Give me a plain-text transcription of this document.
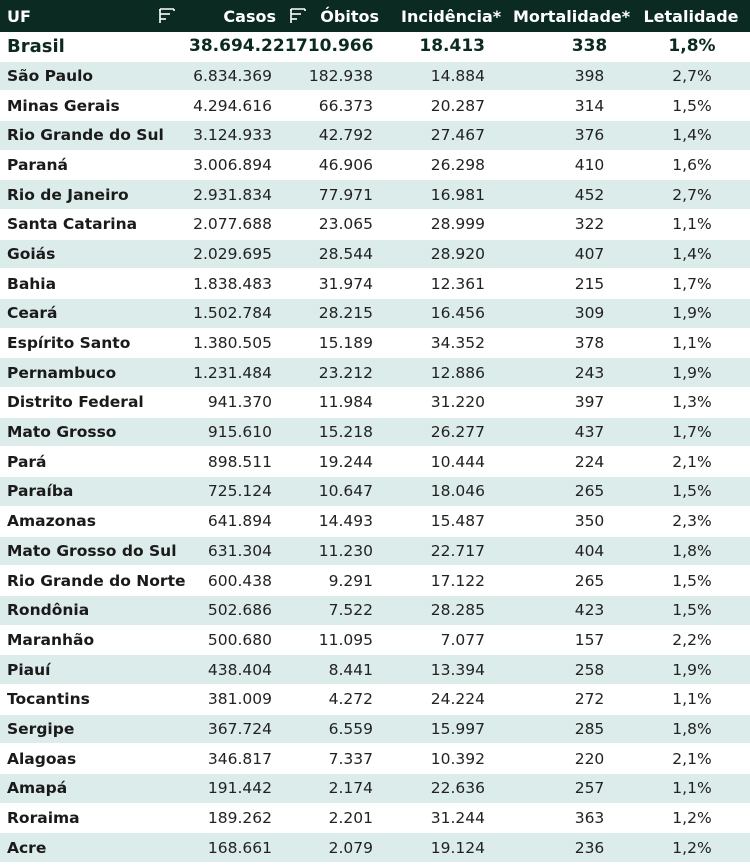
UF	Casos	Óbitos	Incidência*	Mortalidade*	Letalidade
Brasil	38.694.221	710.966	18.413	338	1,8%
São Paulo	6.834.369	182.938	14.884	398	2,7%
Minas Gerais	4.294.616	66.373	20.287	314	1,5%
Rio Grande do Sul	3.124.933	42.792	27.467	376	1,4%
Paraná	3.006.894	46.906	26.298	410	1,6%
Rio de Janeiro	2.931.834	77.971	16.981	452	2,7%
Santa Catarina	2.077.688	23.065	28.999	322	1,1%
Goiás	2.029.695	28.544	28.920	407	1,4%
Bahia	1.838.483	31.974	12.361	215	1,7%
Ceará	1.502.784	28.215	16.456	309	1,9%
Espírito Santo	1.380.505	15.189	34.352	378	1,1%
Pernambuco	1.231.484	23.212	12.886	243	1,9%
Distrito Federal	941.370	11.984	31.220	397	1,3%
Mato Grosso	915.610	15.218	26.277	437	1,7%
Pará	898.511	19.244	10.444	224	2,1%
Paraíba	725.124	10.647	18.046	265	1,5%
Amazonas	641.894	14.493	15.487	350	2,3%
Mato Grosso do Sul	631.304	11.230	22.717	404	1,8%
Rio Grande do Norte	600.438	9.291	17.122	265	1,5%
Rondônia	502.686	7.522	28.285	423	1,5%
Maranhão	500.680	11.095	7.077	157	2,2%
Piauí	438.404	8.441	13.394	258	1,9%
Tocantins	381.009	4.272	24.224	272	1,1%
Sergipe	367.724	6.559	15.997	285	1,8%
Alagoas	346.817	7.337	10.392	220	2,1%
Amapá	191.442	2.174	22.636	257	1,1%
Roraima	189.262	2.201	31.244	363	1,2%
Acre	168.661	2.079	19.124	236	1,2%
